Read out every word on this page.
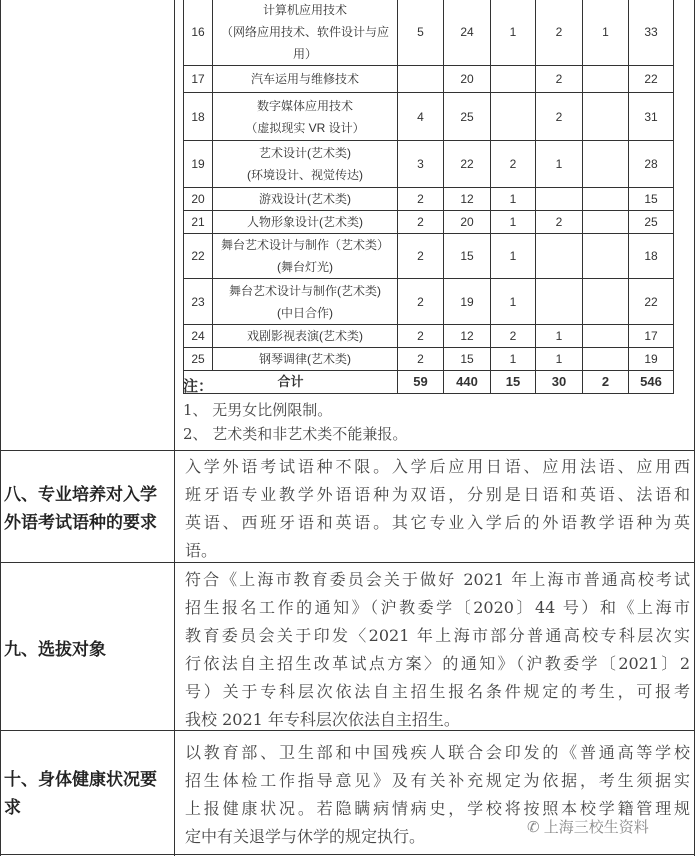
16	计算机应用技术
（网络应用技术、软件设计与应用）	5	24	1	2	1	33
17	汽车运用与维修技术		20		2		22
18	数字媒体应用技术
（虚拟现实 VR 设计）	4	25		2		31
19	艺术设计(艺术类)
(环境设计、视觉传达)	3	22	2	1		28
20	游戏设计(艺术类)	2	12	1			15
21	人物形象设计(艺术类)	2	20	1	2		25
22	舞台艺术设计与制作（艺术类）
(舞台灯光)	2	15	1			18
23	舞台艺术设计与制作(艺术类)
(中日合作)	2	19	1			22
24	戏剧影视表演(艺术类)	2	12	2	1		17
25	钢琴调律(艺术类)	2	15	1	1		19
合计		59	440	15	30	2	546
注：
1、 无男女比例限制。
2、 艺术类和非艺术类不能兼报。
八、专业培养对入学
外语考试语种的要求
入学外语考试语种不限。入学后应用日语、应用法语、应用西
班牙语专业教学外语语种为双语，分别是日语和英语、法语和
英语、西班牙语和英语。其它专业入学后的外语教学语种为英
语。
九、选拔对象
符合《上海市教育委员会关于做好 2021 年上海市普通高校考试
招生报名工作的通知》（沪教委学〔2020〕44 号）和《上海市
教育委员会关于印发〈2021 年上海市部分普通高校专科层次实
行依法自主招生改革试点方案〉的通知》（沪教委学〔2021〕2
号）关于专科层次依法自主招生报名条件规定的考生，可报考
我校 2021 年专科层次依法自主招生。
十、身体健康状况要
求
以教育部、卫生部和中国残疾人联合会印发的《普通高等学校
招生体检工作指导意见》及有关补充规定为依据，考生须据实
上报健康状况。若隐瞒病情病史，学校将按照本校学籍管理规
定中有关退学与休学的规定执行。	✆ 上海三校生资料
